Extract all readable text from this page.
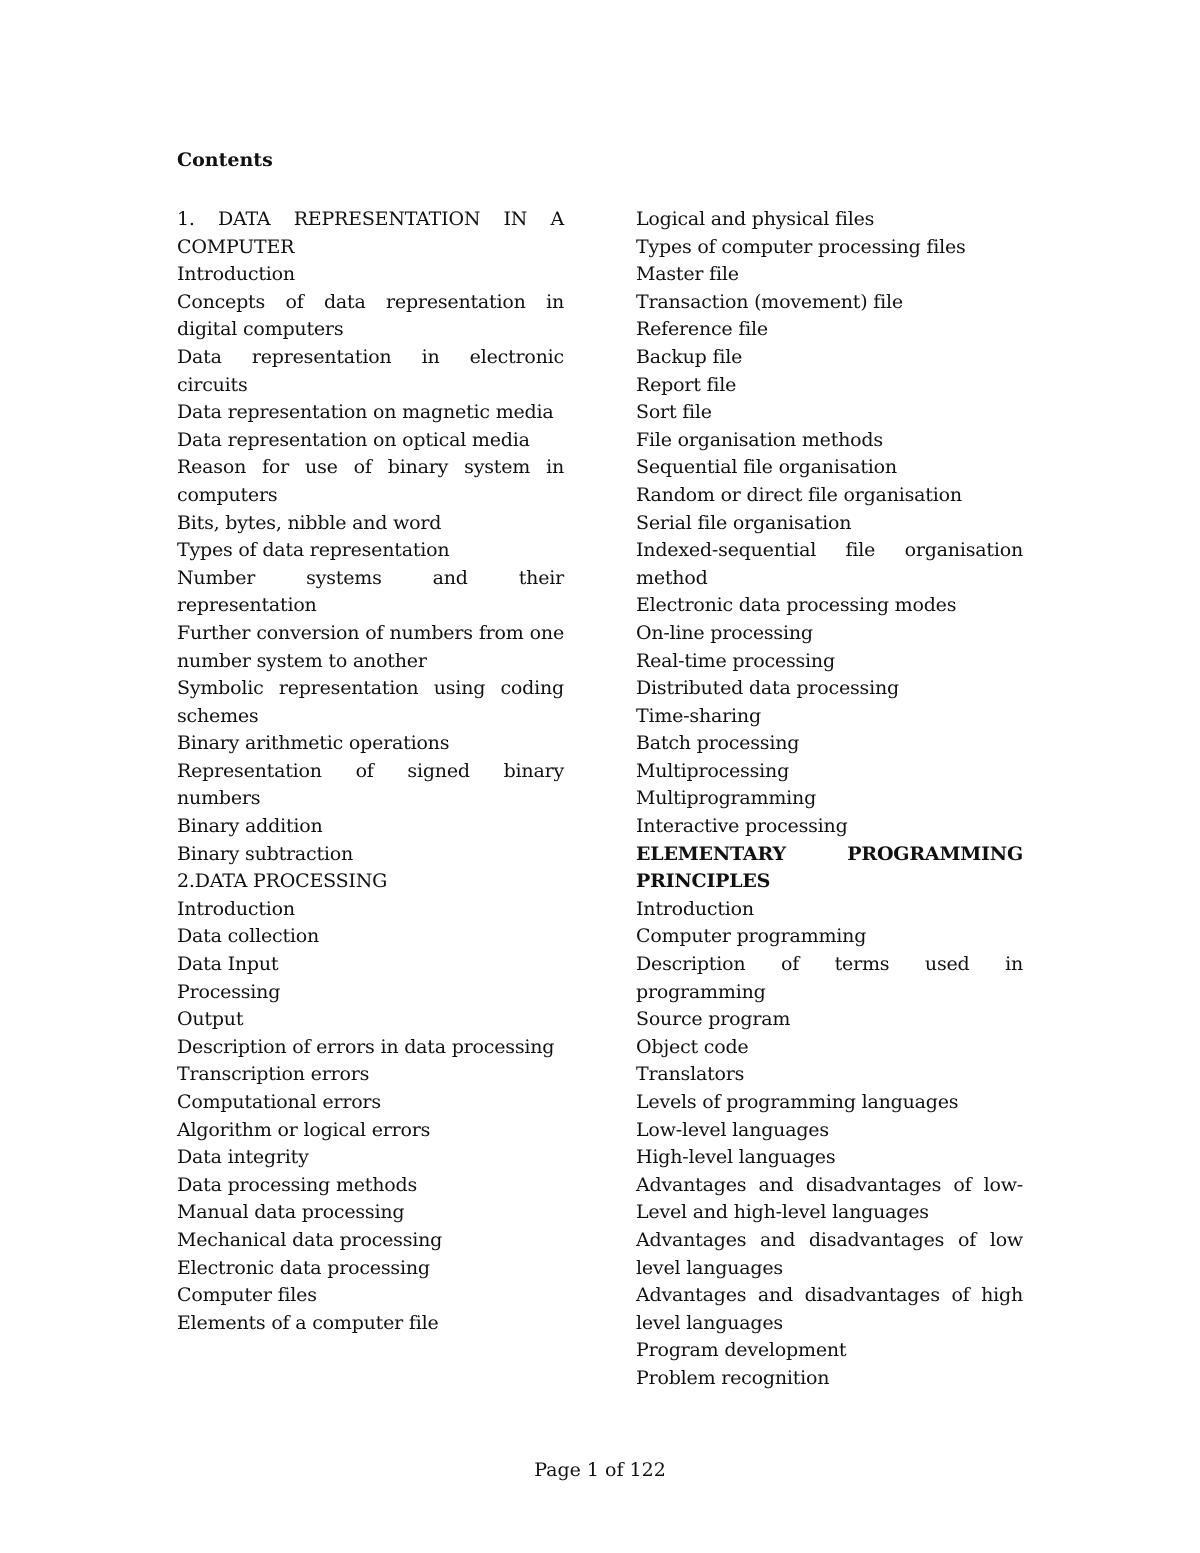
Contents
1. DATA REPRESENTATION IN A COMPUTER
Introduction
Concepts of data representation in digital computers
Data representation in electronic circuits
Data representation on magnetic media
Data representation on optical media
Reason for use of binary system in computers
Bits, bytes, nibble and word
Types of data representation
Number systems and their representation
Further conversion of numbers from one number system to another
Symbolic representation using coding schemes
Binary arithmetic operations
Representation of signed binary numbers
Binary addition
Binary subtraction
2.DATA PROCESSING
Introduction
Data collection
Data Input
Processing
Output
Description of errors in data processing
Transcription errors
Computational errors
Algorithm or logical errors
Data integrity
Data processing methods
Manual data processing
Mechanical data processing
Electronic data processing
Computer files
Elements of a computer file
Logical and physical files
Types of computer processing files
Master file
Transaction (movement) file
Reference file
Backup file
Report file
Sort file
File organisation methods
Sequential file organisation
Random or direct file organisation
Serial file organisation
Indexed-sequential file organisation method
Electronic data processing modes
On-line processing
Real-time processing
Distributed data processing
Time-sharing
Batch processing
Multiprocessing
Multiprogramming
Interactive processing
ELEMENTARY PROGRAMMING PRINCIPLES
Introduction
Computer programming
Description of terms used in programming
Source program
Object code
Translators
Levels of programming languages
Low-level languages
High-level languages
Advantages and disadvantages of low-Level and high-level languages
Advantages and disadvantages of low level languages
Advantages and disadvantages of high level languages
Program development
Problem recognition
Page 1 of 122
